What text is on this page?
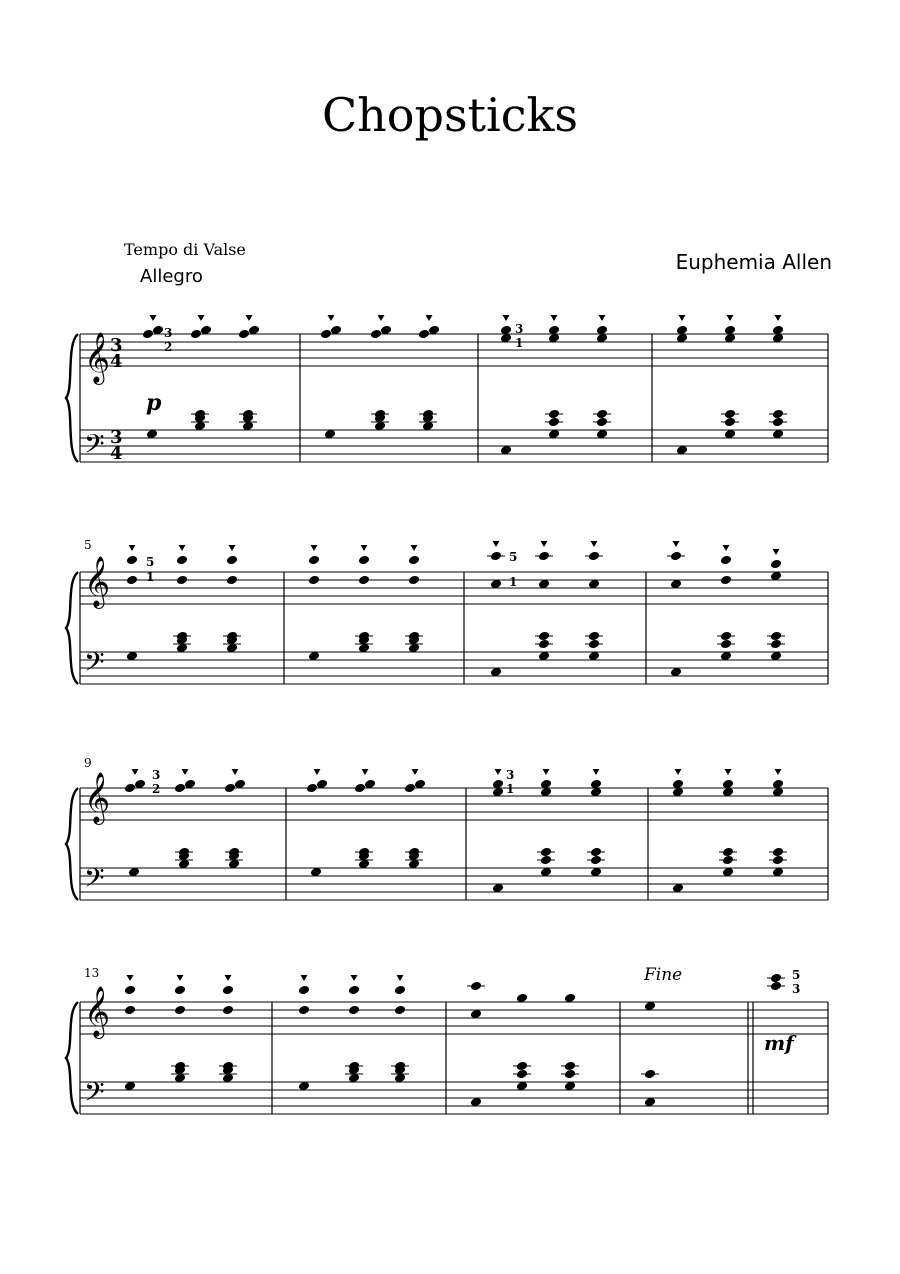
Chopsticks
Tempo di Valse
Allegro
Euphemia Allen
5
9
13
𝄞
𝄢
3
4
3
4
𝄞
𝄢
𝄞
𝄢
𝄞
𝄢
p
mf
Fine
3
2
3
1
5
1
5
1
3
2
3
1
5
3
